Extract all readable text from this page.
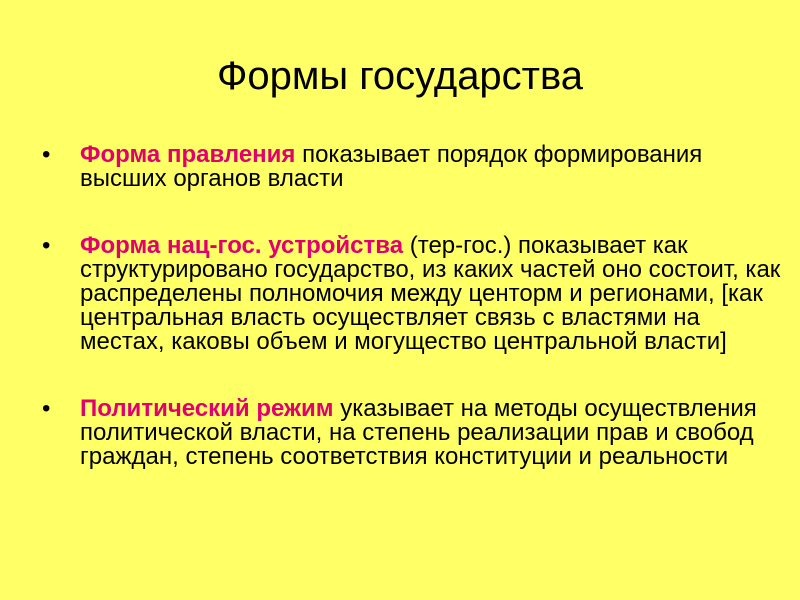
Формы государства
• Форма правления показывает порядок формирования высших органов власти
• Форма нац-гос. устройства (тер-гос.) показывает как структурировано государство, из каких частей оно состоит, как распределены полномочия между центорм и регионами, [как центральная власть осуществляет связь с властями на местах, каковы объем и могущество центральной власти]
• Политический режим указывает на методы осуществления политической власти, на степень реализации прав и свобод граждан, степень соответствия конституции и реальности
